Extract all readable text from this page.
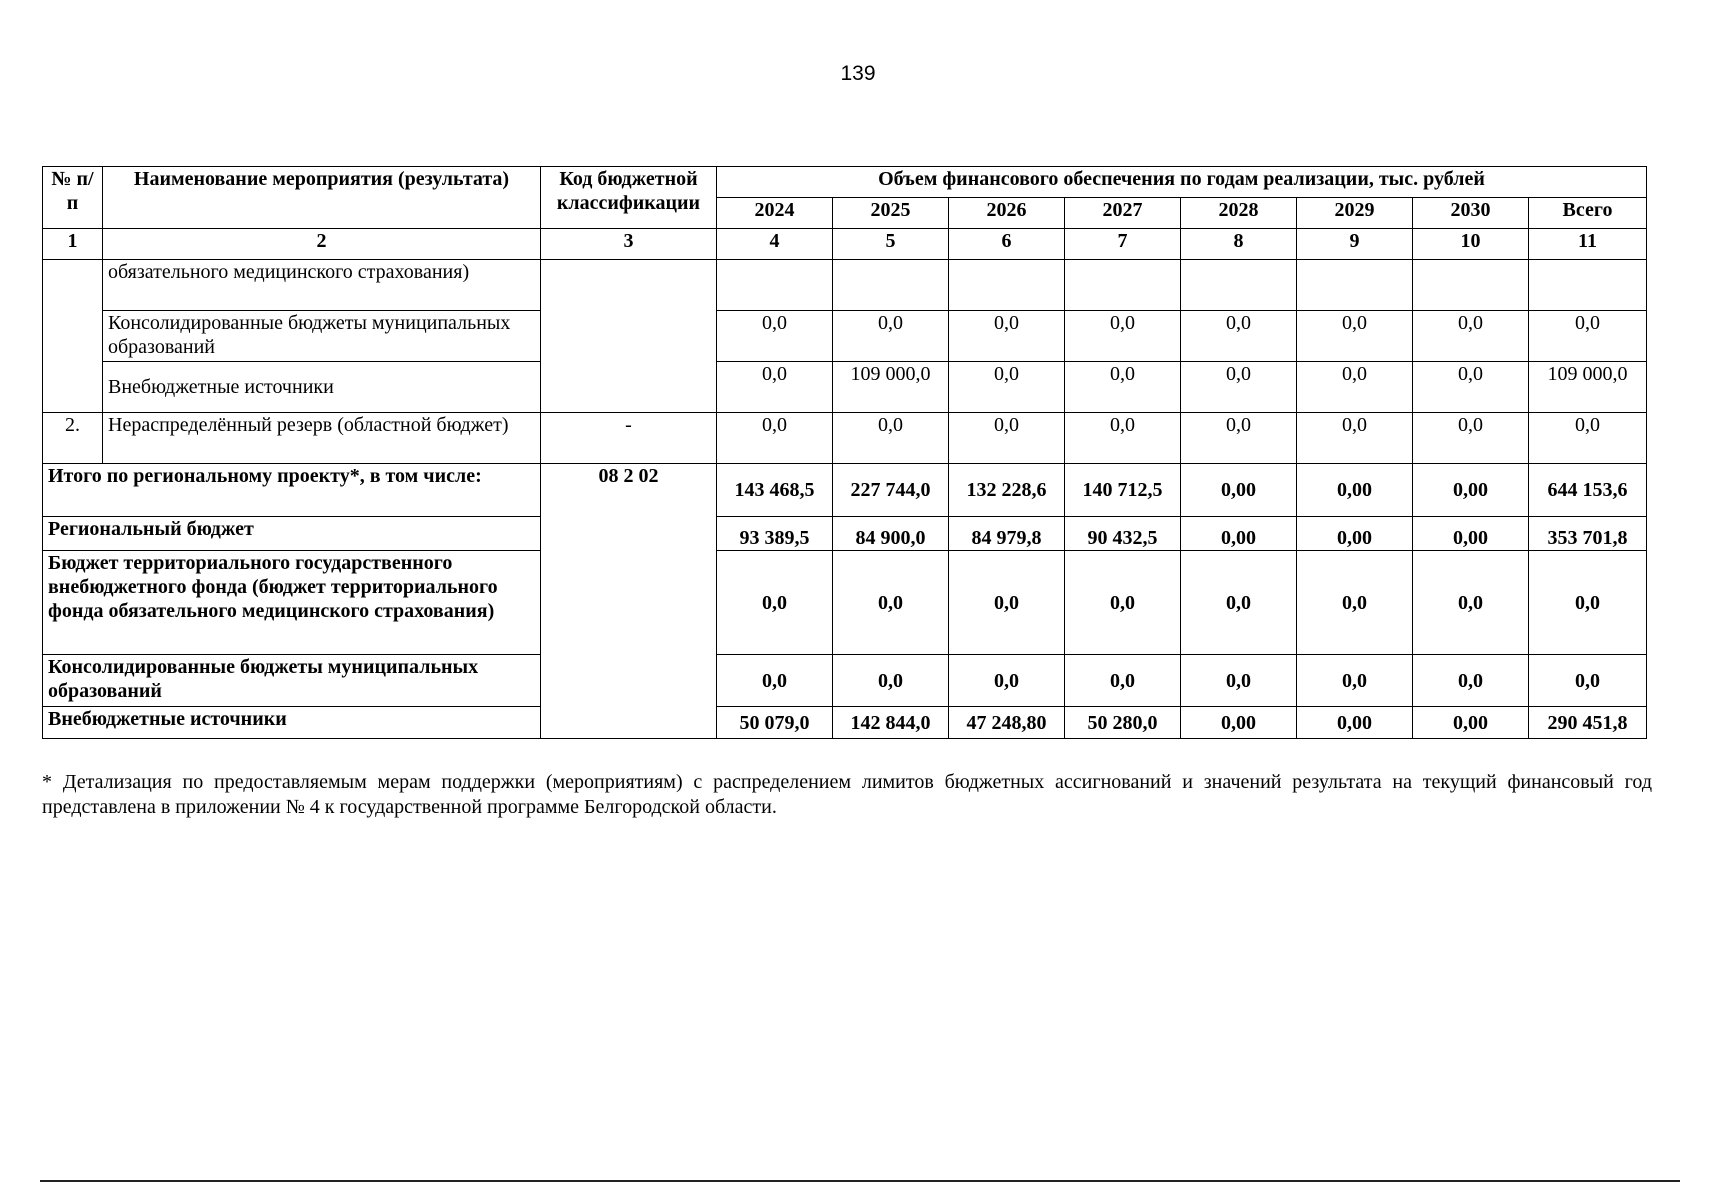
139
№ п/п	Наименование мероприятия (результата)	Код бюджетной классификации	Объем финансового обеспечения по годам реализации, тыс. рублей							
			2024	2025	2026	2027	2028	2029	2030	Всего
1	2	3	4	5	6	7	8	9	10	11
	обязательного медицинского страхования)									
	Консолидированные бюджеты муниципальных образований		0,0	0,0	0,0	0,0	0,0	0,0	0,0	0,0
	Внебюджетные источники		0,0	109 000,0	0,0	0,0	0,0	0,0	0,0	109 000,0
2.	Нераспределённый резерв (областной бюджет)	-	0,0	0,0	0,0	0,0	0,0	0,0	0,0	0,0
Итого по региональному проекту*, в том числе:		08 2 02	143 468,5	227 744,0	132 228,6	140 712,5	0,00	0,00	0,00	644 153,6
Региональный бюджет			93 389,5	84 900,0	84 979,8	90 432,5	0,00	0,00	0,00	353 701,8
Бюджет территориального государственного внебюджетного фонда (бюджет территориального фонда обязательного медицинского страхования)			0,0	0,0	0,0	0,0	0,0	0,0	0,0	0,0
Консолидированные бюджеты муниципальных образований			0,0	0,0	0,0	0,0	0,0	0,0	0,0	0,0
Внебюджетные источники			50 079,0	142 844,0	47 248,80	50 280,0	0,00	0,00	0,00	290 451,8
* Детализация по предоставляемым мерам поддержки (мероприятиям) с распределением лимитов бюджетных ассигнований и значений результата на текущий финансовый год представлена в приложении № 4 к государственной программе Белгородской области.
